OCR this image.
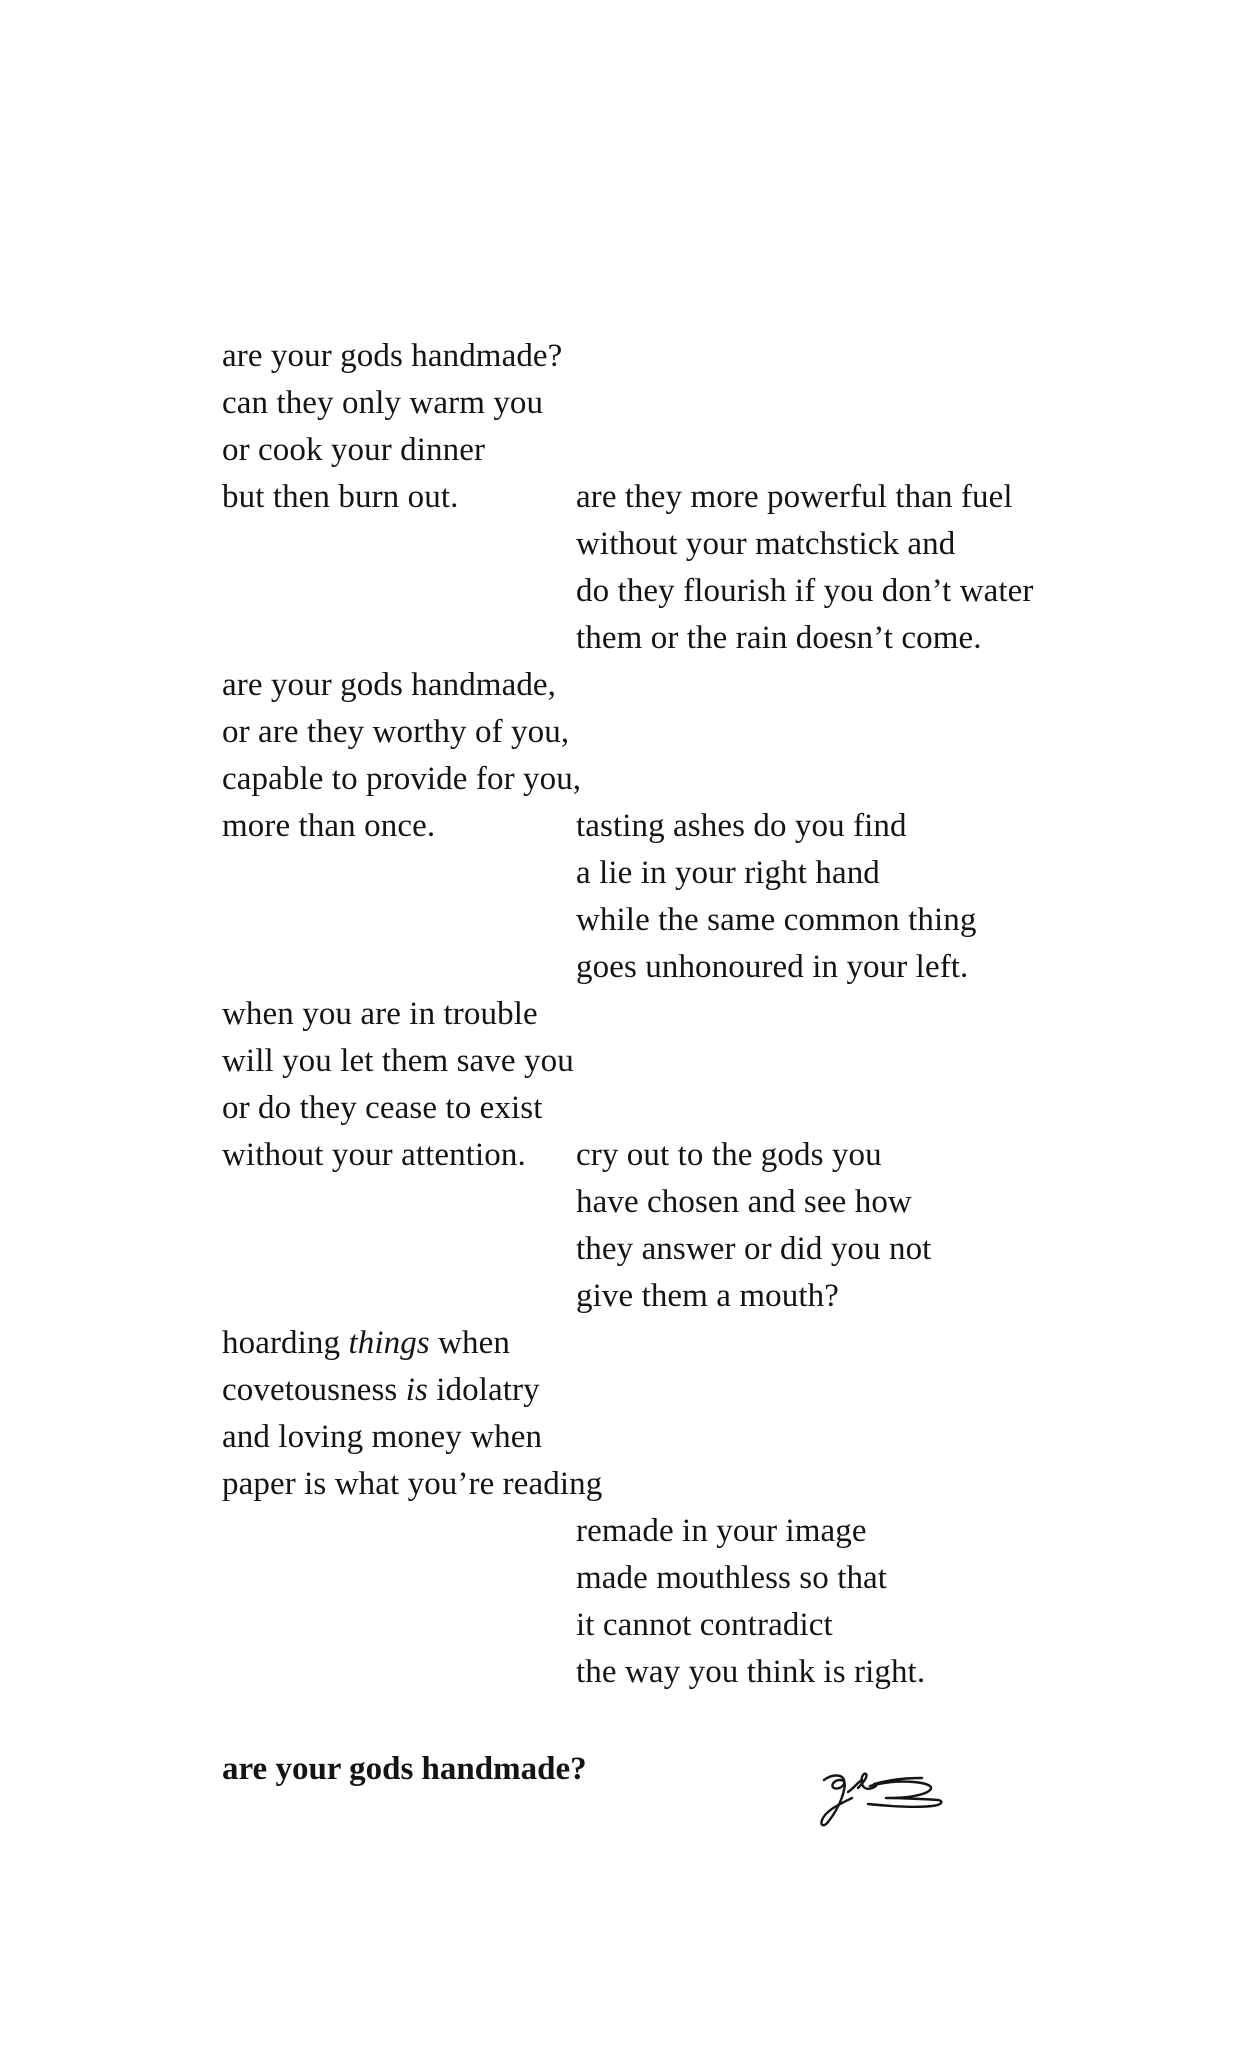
are your gods handmade?
can they only warm you
or cook your dinner
but then burn out.	are they more powerful than fuel
without your matchstick and
do they flourish if you don’t water
them or the rain doesn’t come.
are your gods handmade,
or are they worthy of you,
capable to provide for you,
more than once.	tasting ashes do you find
a lie in your right hand
while the same common thing
goes unhonoured in your left.
when you are in trouble
will you let them save you
or do they cease to exist
without your attention. cry out to the gods you
have chosen and see how
they answer or did you not
give them a mouth?
hoarding things when
covetousness is idolatry
and loving money when
paper is what you’re reading
remade in your image
made mouthless so that
it cannot contradict
the way you think is right.
are your gods handmade?
